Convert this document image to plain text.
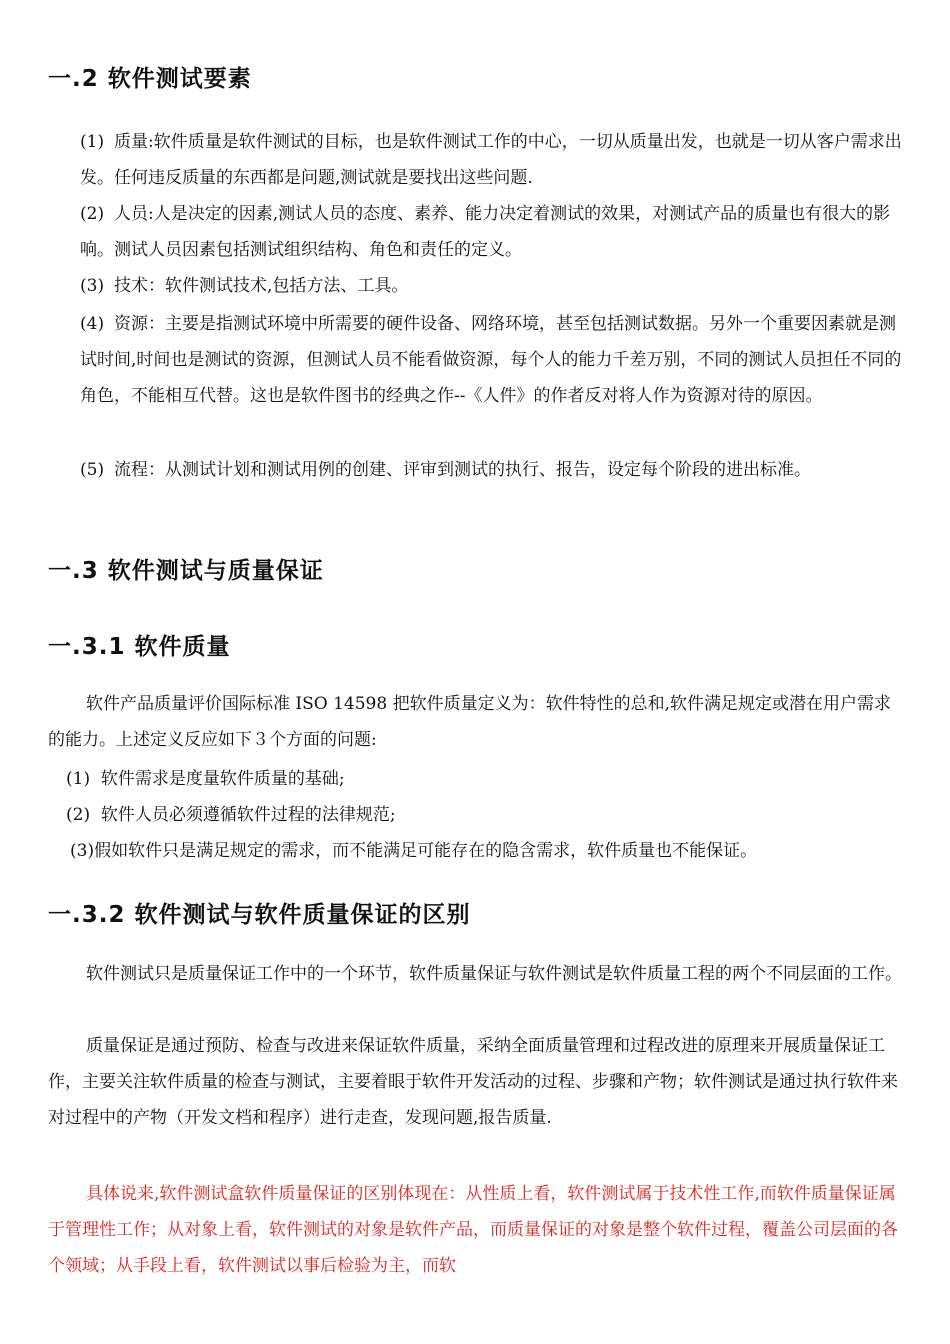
一.2 软件测试要素
(1) 质量:软件质量是软件测试的目标，也是软件测试工作的中心，一切从质量出发，也就是一切从客户需求出发。任何违反质量的东西都是问题,测试就是要找出这些问题.
(2) 人员:人是决定的因素,测试人员的态度、素养、能力决定着测试的效果，对测试产品的质量也有很大的影响。测试人员因素包括测试组织结构、角色和责任的定义。
(3) 技术：软件测试技术,包括方法、工具。
(4) 资源：主要是指测试环境中所需要的硬件设备、网络环境，甚至包括测试数据。另外一个重要因素就是测试时间,时间也是测试的资源，但测试人员不能看做资源，每个人的能力千差万别，不同的测试人员担任不同的角色，不能相互代替。这也是软件图书的经典之作--《人件》的作者反对将人作为资源对待的原因。
(5) 流程：从测试计划和测试用例的创建、评审到测试的执行、报告，设定每个阶段的进出标准。
一.3 软件测试与质量保证
一.3.1 软件质量
软件产品质量评价国际标准 ISO 14598 把软件质量定义为：软件特性的总和,软件满足规定或潜在用户需求的能力。上述定义反应如下３个方面的问题:
(1) 软件需求是度量软件质量的基础;
(2) 软件人员必须遵循软件过程的法律规范;
(3)假如软件只是满足规定的需求，而不能满足可能存在的隐含需求，软件质量也不能保证。
一.3.2 软件测试与软件质量保证的区别
软件测试只是质量保证工作中的一个环节，软件质量保证与软件测试是软件质量工程的两个不同层面的工作。
质量保证是通过预防、检查与改进来保证软件质量，采纳全面质量管理和过程改进的原理来开展质量保证工作，主要关注软件质量的检查与测试，主要着眼于软件开发活动的过程、步骤和产物；软件测试是通过执行软件来对过程中的产物（开发文档和程序）进行走查，发现问题,报告质量.
具体说来,软件测试盒软件质量保证的区别体现在：从性质上看，软件测试属于技术性工作,而软件质量保证属于管理性工作；从对象上看，软件测试的对象是软件产品，而质量保证的对象是整个软件过程，覆盖公司层面的各个领域；从手段上看，软件测试以事后检验为主，而软
